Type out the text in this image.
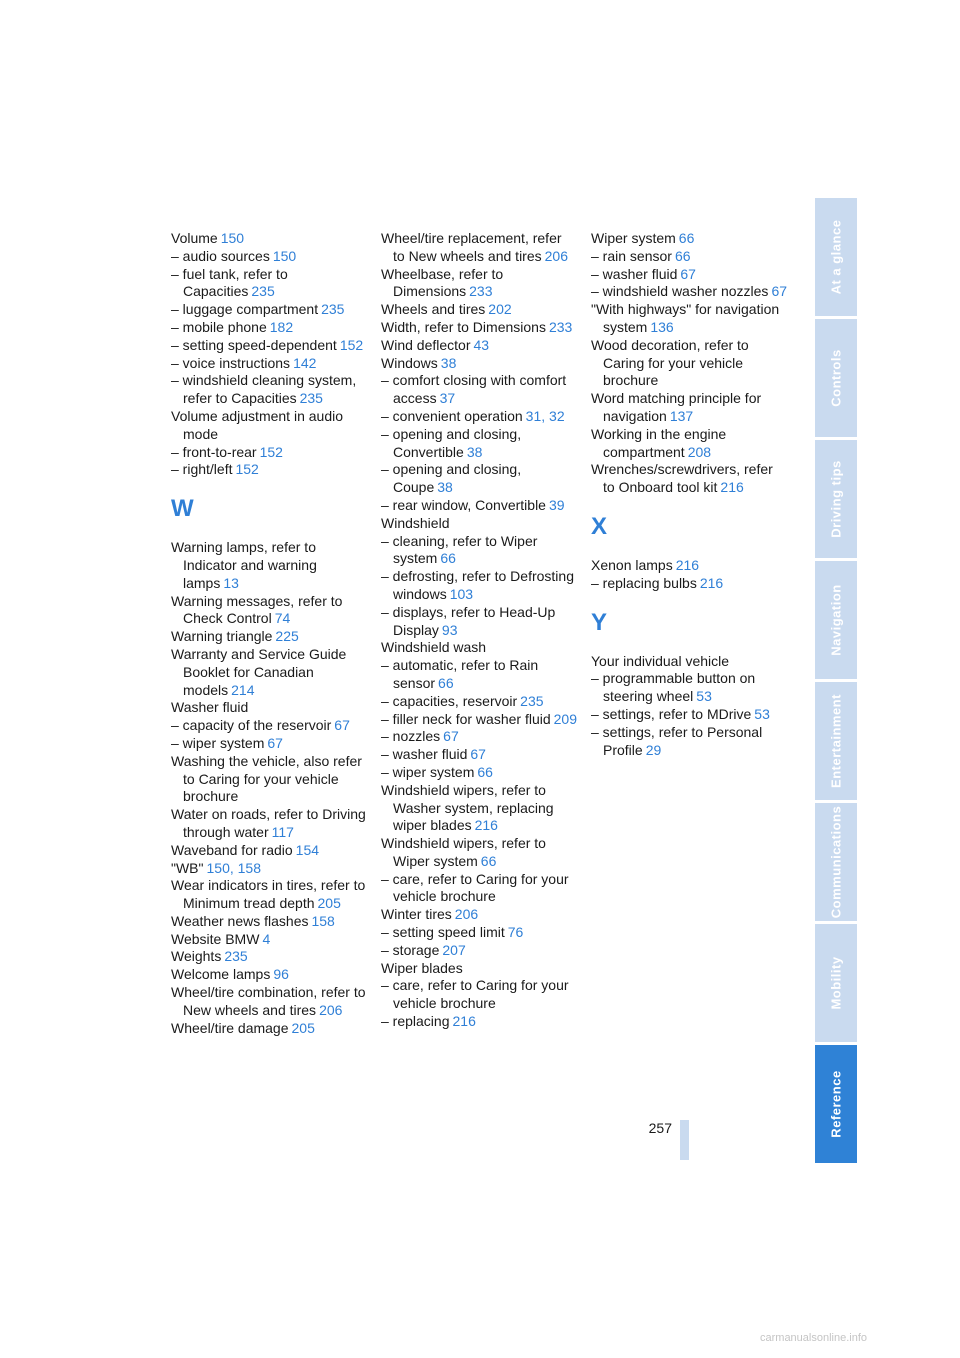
Volume 150
– audio sources 150
– fuel tank, refer to Capacities 235
– luggage compartment 235
– mobile phone 182
– setting speed-dependent 152
– voice instructions 142
– windshield cleaning system, refer to Capacities 235
Volume adjustment in audio mode
– front-to-rear 152
– right/left 152
W
Warning lamps, refer to Indicator and warning lamps 13
Warning messages, refer to Check Control 74
Warning triangle 225
Warranty and Service Guide Booklet for Canadian models 214
Washer fluid
– capacity of the reservoir 67
– wiper system 67
Washing the vehicle, also refer to Caring for your vehicle brochure
Water on roads, refer to Driving through water 117
Waveband for radio 154
"WB" 150, 158
Wear indicators in tires, refer to Minimum tread depth 205
Weather news flashes 158
Website BMW 4
Weights 235
Welcome lamps 96
Wheel/tire combination, refer to New wheels and tires 206
Wheel/tire damage 205
Wheel/tire replacement, refer to New wheels and tires 206
Wheelbase, refer to Dimensions 233
Wheels and tires 202
Width, refer to Dimensions 233
Wind deflector 43
Windows 38
– comfort closing with comfort access 37
– convenient operation 31, 32
– opening and closing, Convertible 38
– opening and closing, Coupe 38
– rear window, Convertible 39
Windshield
– cleaning, refer to Wiper system 66
– defrosting, refer to Defrosting windows 103
– displays, refer to Head-Up Display 93
Windshield wash
– automatic, refer to Rain sensor 66
– capacities, reservoir 235
– filler neck for washer fluid 209
– nozzles 67
– washer fluid 67
– wiper system 66
Windshield wipers, refer to Washer system, replacing wiper blades 216
Windshield wipers, refer to Wiper system 66
– care, refer to Caring for your vehicle brochure
Winter tires 206
– setting speed limit 76
– storage 207
Wiper blades
– care, refer to Caring for your vehicle brochure
– replacing 216
Wiper system 66
– rain sensor 66
– washer fluid 67
– windshield washer nozzles 67
"With highways" for navigation system 136
Wood decoration, refer to Caring for your vehicle brochure
Word matching principle for navigation 137
Working in the engine compartment 208
Wrenches/screwdrivers, refer to Onboard tool kit 216
X
Xenon lamps 216
– replacing bulbs 216
Y
Your individual vehicle
– programmable button on steering wheel 53
– settings, refer to MDrive 53
– settings, refer to Personal Profile 29
At a glance
Controls
Driving tips
Navigation
Entertainment
Communications
Mobility
Reference
257
carmanualsonline.info
